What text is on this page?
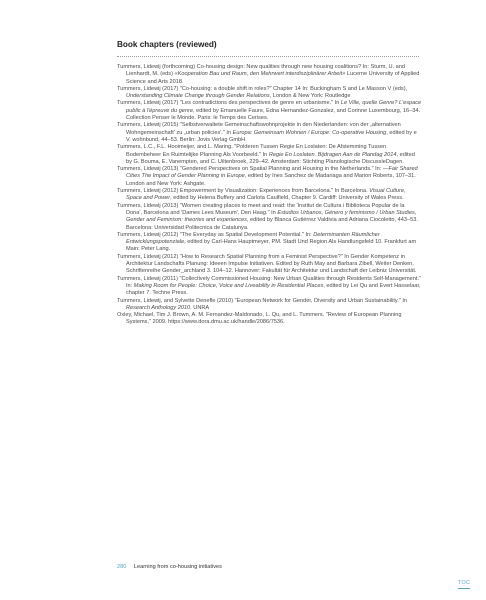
Book chapters (reviewed)
Tummers, Lidewij (forthcoming) Co-housing design: New qualities through new housing coalitions? In: Sturm, U. and Lienhardt, M. (eds) «Kooperation Bau und Raum, den Mehrwert interdisziplinärer Arbeit» Lucerne University of Applied Science and Arts 2018.
Tummers, Lidewij (2017) "Co-housing: a double shift in roles?" Chapter 14 In: Buckingham S and Le Masson V (eds), Understanding Climate Change through Gender Relations, London & New York: Routledge
Tummers, Lidewij (2017) "Les contradictions des perspectives de genre en urbanisme." In Le Ville, quelle Genre? L'espace public à l'épreuve du genre, edited by Emanuelle Faure, Edna Hernandez-Gonzalez, and Corinne Luxembourg, 16–34. Collection Penser le Monde. Paris: le Temps des Cerises.
Tummers, Lidewij (2015) "Selbstverwaltete Gemeinschaftswohnprojekte in den Niederlanden: von der „alternativen Wohngemeinschaft' zu „urban policies'." In Europa: Gemeinsam Wohnen / Europe: Co-operative Housing, edited by e V. wohnbund, 44–53. Berlin: Jovis Verlag GmbH
Tummers, L.C., F.L. Hooimeijer, and L. Maring. "Polderen Tussen Regie En Loslaten: De Afstemming Tussen Bodembeheer En Ruimtelijke Planning Als Voorbeeld." In Regie En Loslaten. Bijdragen Aan de Plandag 2014, edited by G. Bouma, E. Vanempten, and C. Uiltenbroek, 229–42. Amsterdam: Stichting Planologische DiscussieDagen.
Tummers, Lidewij (2013) "Gendered Perspectives on Spatial Planning and Housing in the Netherlands." In: —Fair Shared Cities The Impact of Gender Planning in Europe, edited by Ines Sanchez de Madariaga and Marion Roberts, 107–31. London and New York: Ashgate.
Tummers, Lidewij (2012) Empowerment by Visualization: Experiences from Barcelona." In Barcelona. Visual Culture, Space and Power, edited by Helena Buffery and Carlota Caulfield, Chapter 9. Cardiff: University of Wales Press.
Tummers, Lidewij (2013) "Women creating places to meet and read: the 'Institut de Cultura i Biblioteca Popular de la Dona', Barcelona and 'Dames Lees Museum', Den Haag." In Estudios Urbanos, Género y feminismo / Urban Studies, Gender and Feminism: theories and experiences, edited by Blanca Gutiérrez Valdivia and Adriana Ciocoletto, 443–53. Barcelona: Universidad Politecnica de Catalunya.
Tummers, Lidewij (2012) "The Everyday as Spatial Development Potential." In: Determinanten Räumlicher Entwicklungspotenziale, edited by Carl-Hans Hauptmeyer, PM. Stadt Und Region Als Handlungsfeld 10. Frankfurt am Main: Peter Lang.
Tummers, Lidewij (2012) "How to Research Spatial Planning from a Feminist Perspective?" In Gender Kompetenz in Architektur Landschafts Planung: Ideeen Impulse Initiativen. Edited by Ruth May and Barbara Zibell, Weiter Denken, Schriftenreihe Gender_archland 3. 104–12. Hannover: Fakultät für Architektur und Landschaft der Leibniz Universität.
Tummers, Lidewij (2011) "Collectively Commissioned Housing: New Urban Qualities through Residents Self-Management." In: Making Room for People: Choice, Voice and Liveability in Residential Places, edited by Lei Qu and Evert Hasselaar, chapter 7. Techne Press.
Tummers, Lidewij, and Sylvette Denefle (2010) "European Network for Gender, Diversity and Urban Sustainability." In Research Anthology 2010. UNRA
Oxley, Michael, Tim J. Brown, A. M. Fernandez-Maldonado, L. Qu, and L. Tummers. "Review of European Planning Systems," 2009. https://www.dora.dmu.ac.uk/handle/2086/7536.
280 Learning from co-housing initiatives
TOC
